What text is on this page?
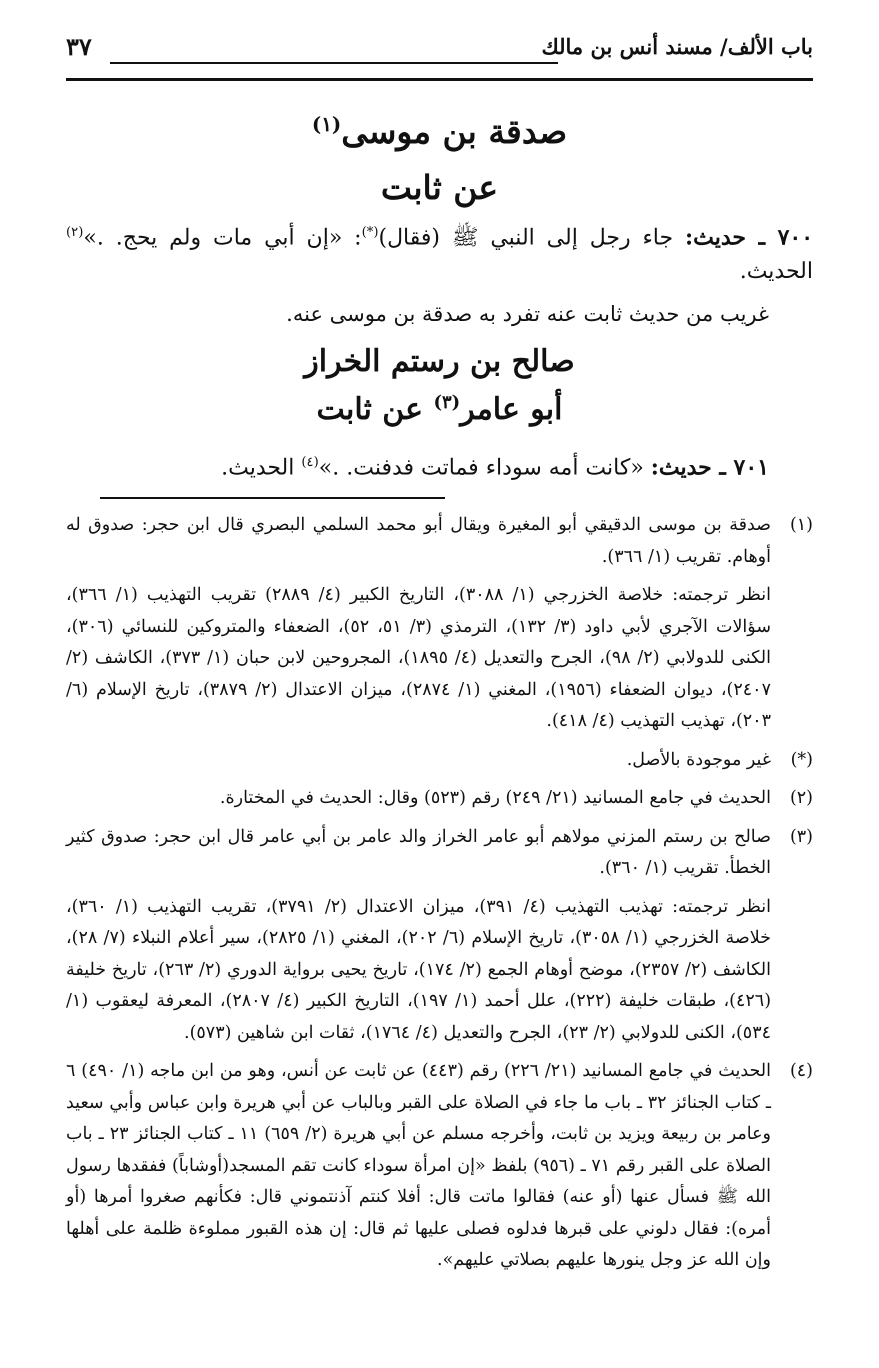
باب الألف/ مسند أنس بن مالك
٣٧
صدقة بن موسى$^{(١)}$
عن ثابت
٧٠٠ ـ حديث: جاء رجل إلى النبي ﷺ (فقال)(*): «إن أبي مات ولم يحج. .»$^{(٢)}$ الحديث.
غريب من حديث ثابت عنه تفرد به صدقة بن موسى عنه.
صالح بن رستم الخراز
أبو عامر$^{(٣)}$ عن ثابت
٧٠١ ـ حديث: «كانت أمه سوداء فماتت فدفنت. .»$^{(٤)}$ الحديث.
(١)

صدقة بن موسى الدقيقي أبو المغيرة ويقال أبو محمد السلمي البصري قال ابن حجر: صدوق له أوهام. تقريب (١/ ٣٦٦).

انظر ترجمته: خلاصة الخزرجي (١/ ٣٠٨٨)، التاريخ الكبير (٤/ ٢٨٨٩) تقريب التهذيب (١/ ٣٦٦)، سؤالات الآجري لأبي داود (٣/ ١٣٢)، الترمذي (٣/ ٥١، ٥٢)، الضعفاء والمتروكين للنسائي (٣٠٦)، الكنى للدولابي (٢/ ٩٨)، الجرح والتعديل (٤/ ١٨٩٥)، المجروحين لابن حبان (١/ ٣٧٣)، الكاشف (٢/ ٢٤٠٧)، ديوان الضعفاء (١٩٥٦)، المغني (١/ ٢٨٧٤)، ميزان الاعتدال (٢/ ٣٨٧٩)، تاريخ الإسلام (٦/ ٢٠٣)، تهذيب التهذيب (٤/ ٤١٨).

(*)

غير موجودة بالأصل.

(٢)

الحديث في جامع المسانيد (٢١/ ٢٤٩) رقم (٥٢٣) وقال: الحديث في المختارة.

(٣)

صالح بن رستم المزني مولاهم أبو عامر الخراز والد عامر بن أبي عامر قال ابن حجر: صدوق كثير الخطأ. تقريب (١/ ٣٦٠).

انظر ترجمته: تهذيب التهذيب (٤/ ٣٩١)، ميزان الاعتدال (٢/ ٣٧٩١)، تقريب التهذيب (١/ ٣٦٠)، خلاصة الخزرجي (١/ ٣٠٥٨)، تاريخ الإسلام (٦/ ٢٠٢)، المغني (١/ ٢٨٢٥)، سير أعلام النبلاء (٧/ ٢٨)، الكاشف (٢/ ٢٣٥٧)، موضح أوهام الجمع (٢/ ١٧٤)، تاريخ يحيى برواية الدوري (٢/ ٢٦٣)، تاريخ خليفة (٤٢٦)، طبقات خليفة (٢٢٢)، علل أحمد (١/ ١٩٧)، التاريخ الكبير (٤/ ٢٨٠٧)، المعرفة ليعقوب (١/ ٥٣٤)، الكنى للدولابي (٢/ ٢٣)، الجرح والتعديل (٤/ ١٧٦٤)، ثقات ابن شاهين (٥٧٣).

(٤)

الحديث في جامع المسانيد (٢١/ ٢٢٦) رقم (٤٤٣) عن ثابت عن أنس، وهو من ابن ماجه (١/ ٤٩٠) ٦ ـ كتاب الجنائز ٣٢ ـ باب ما جاء في الصلاة على القبر وبالباب عن أبي هريرة وابن عباس وأبي سعيد وعامر بن ربيعة ويزيد بن ثابت، وأخرجه مسلم عن أبي هريرة (٢/ ٦٥٩) ١١ ـ كتاب الجنائز ٢٣ ـ باب الصلاة على القبر رقم ٧١ ـ (٩٥٦) بلفظ «إن امرأة سوداء كانت تقم المسجد(أوشاباً) ففقدها رسول الله ﷺ فسأل عنها (أو عنه) فقالوا ماتت قال: أفلا كنتم آذنتموني قال: فكأنهم صغروا أمرها (أو أمره): فقال دلوني على قبرها فدلوه فصلى عليها ثم قال: إن هذه القبور مملوءة ظلمة على أهلها وإن الله عز وجل ينورها عليهم بصلاتي عليهم».
